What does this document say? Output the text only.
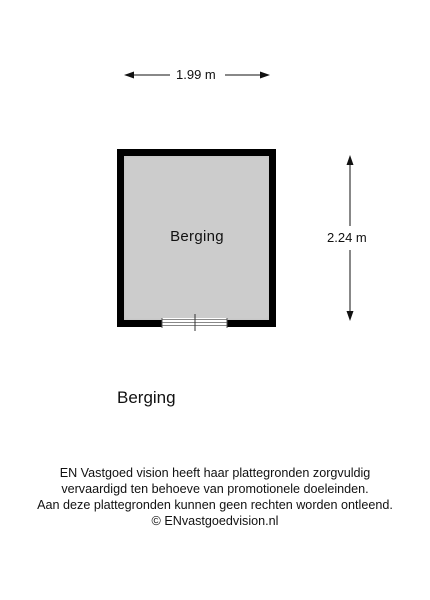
1.99 m
2.24 m
Berging
Berging
EN Vastgoed vision heeft haar plattegronden zorgvuldig
vervaardigd ten behoeve van promotionele doeleinden.
Aan deze plattegronden kunnen geen rechten worden ontleend.
© ENvastgoedvision.nl
